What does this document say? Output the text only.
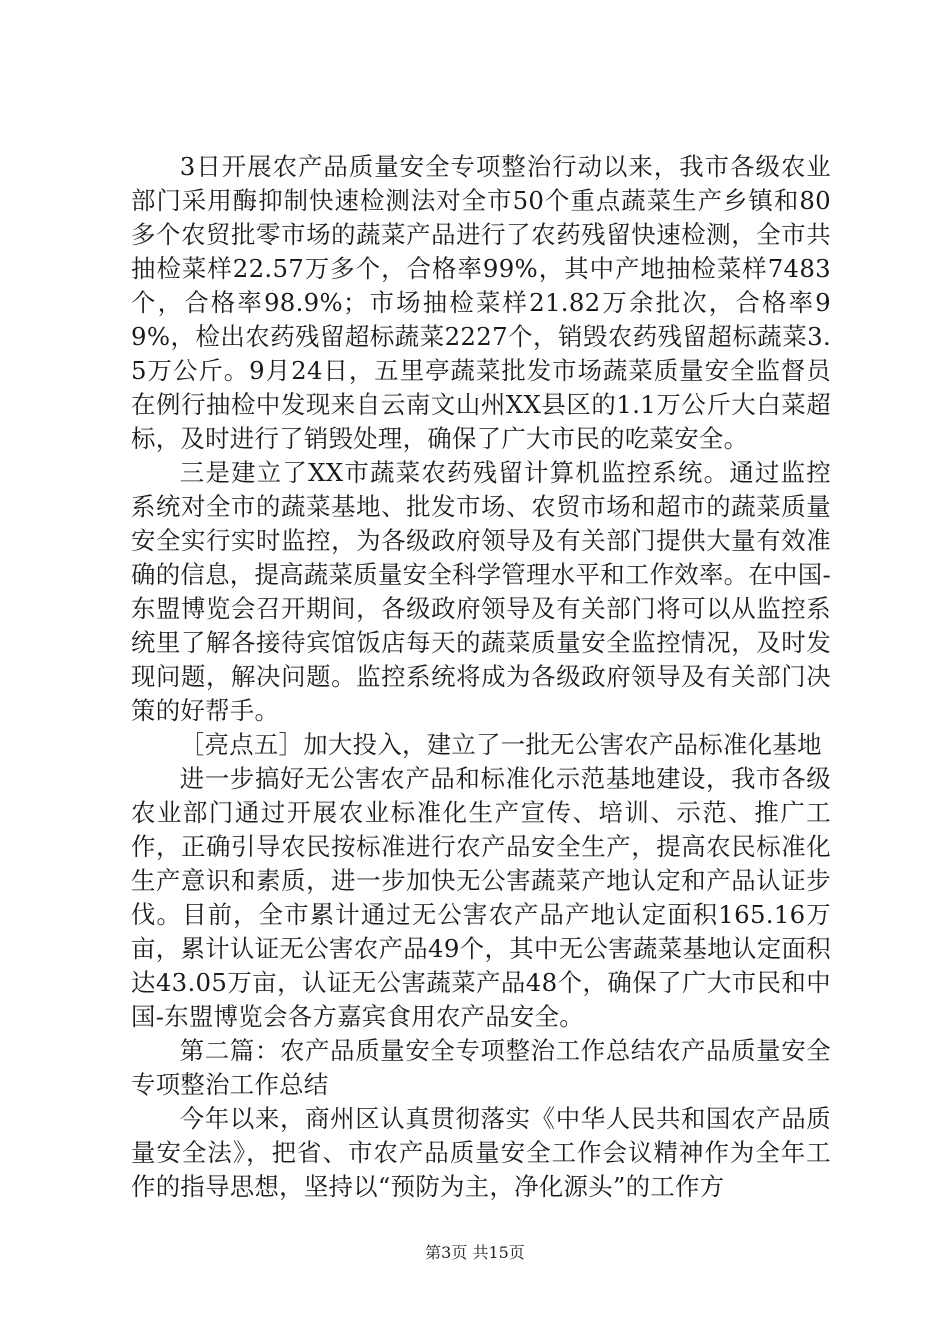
3日开展农产品质量安全专项整治行动以来，我市各级农业部门采用酶抑制快速检测法对全市50个重点蔬菜生产乡镇和80多个农贸批零市场的蔬菜产品进行了农药残留快速检测，全市共抽检菜样22.57万多个，合格率99%，其中产地抽检菜样7483个，合格率98.9%；市场抽检菜样21.82万余批次，合格率99%，检出农药残留超标蔬菜2227个，销毁农药残留超标蔬菜3.5万公斤。9月24日，五里亭蔬菜批发市场蔬菜质量安全监督员在例行抽检中发现来自云南文山州XX县区的1.1万公斤大白菜超标，及时进行了销毁处理，确保了广大市民的吃菜安全。

三是建立了XX市蔬菜农药残留计算机监控系统。通过监控系统对全市的蔬菜基地、批发市场、农贸市场和超市的蔬菜质量安全实行实时监控，为各级政府领导及有关部门提供大量有效准确的信息，提高蔬菜质量安全科学管理水平和工作效率。在中国-东盟博览会召开期间，各级政府领导及有关部门将可以从监控系统里了解各接待宾馆饭店每天的蔬菜质量安全监控情况，及时发现问题，解决问题。监控系统将成为各级政府领导及有关部门决策的好帮手。

［亮点五］加大投入，建立了一批无公害农产品标准化基地

进一步搞好无公害农产品和标准化示范基地建设，我市各级农业部门通过开展农业标准化生产宣传、培训、示范、推广工作，正确引导农民按标准进行农产品安全生产，提高农民标准化生产意识和素质，进一步加快无公害蔬菜产地认定和产品认证步伐。目前，全市累计通过无公害农产品产地认定面积165.16万亩，累计认证无公害农产品49个，其中无公害蔬菜基地认定面积达43.05万亩，认证无公害蔬菜产品48个，确保了广大市民和中国-东盟博览会各方嘉宾食用农产品安全。

第二篇：农产品质量安全专项整治工作总结农产品质量安全专项整治工作总结

今年以来，商州区认真贯彻落实《中华人民共和国农产品质量安全法》，把省、市农产品质量安全工作会议精神作为全年工作的指导思想，坚持以“预防为主，净化源头”的工作方

第3页 共15页
